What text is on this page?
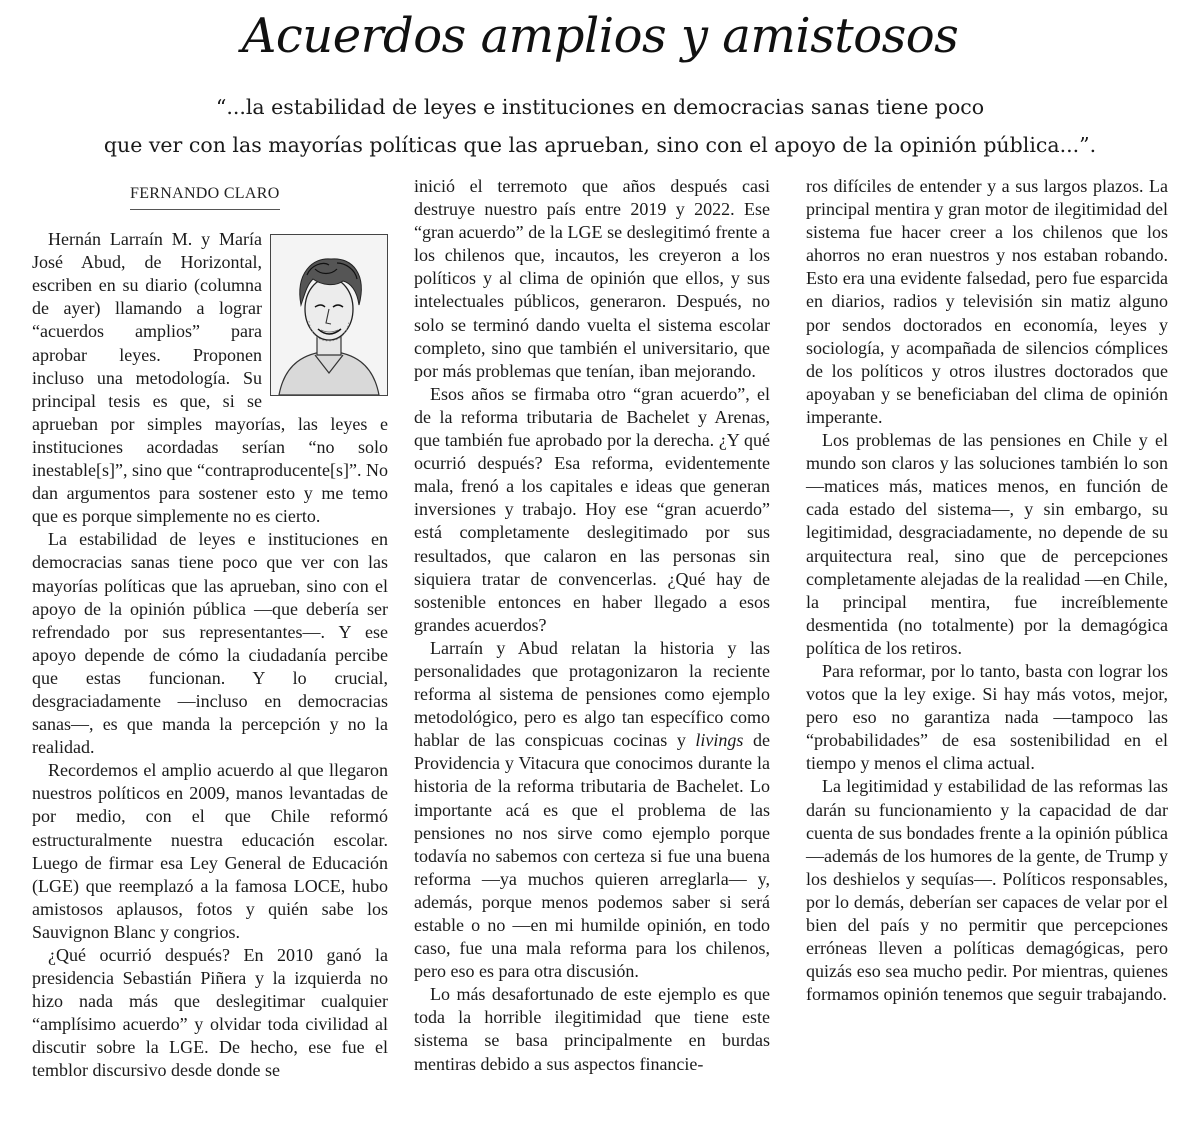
Acuerdos amplios y amistosos

“...la estabilidad de leyes e instituciones en democracias sanas tiene poco
que ver con las mayorías políticas que las aprueban, sino con el apoyo de la opinión pública...”.

FERNANDO CLARO

Hernán Larraín M. y María José Abud, de Horizontal, escriben en su diario (columna de ayer) llamando a lograr “acuerdos amplios” para aprobar leyes. Proponen incluso una metodología. Su principal tesis es que, si se aprueban por simples mayorías, las leyes e instituciones acordadas serían “no solo inestable[s]”, sino que “contraproducente[s]”. No dan argumentos para sostener esto y me temo que es porque simplemente no es cierto.

La estabilidad de leyes e instituciones en democracias sanas tiene poco que ver con las mayorías políticas que las aprueban, sino con el apoyo de la opinión pública —que debería ser refrendado por sus representantes—. Y ese apoyo depende de cómo la ciudadanía percibe que estas funcionan. Y lo crucial, desgraciadamente —incluso en democracias sanas—, es que manda la percepción y no la realidad.

Recordemos el amplio acuerdo al que llegaron nuestros políticos en 2009, manos levantadas de por medio, con el que Chile reformó estructuralmente nuestra educación escolar. Luego de firmar esa Ley General de Educación (LGE) que reemplazó a la famosa LOCE, hubo amistosos aplausos, fotos y quién sabe los Sauvignon Blanc y congrios.

¿Qué ocurrió después? En 2010 ganó la presidencia Sebastián Piñera y la izquierda no hizo nada más que deslegitimar cualquier “amplísimo acuerdo” y olvidar toda civilidad al discutir sobre la LGE. De hecho, ese fue el temblor discursivo desde donde se

inició el terremoto que años después casi destruye nuestro país entre 2019 y 2022. Ese “gran acuerdo” de la LGE se deslegitimó frente a los chilenos que, incautos, les creyeron a los políticos y al clima de opinión que ellos, y sus intelectuales públicos, generaron. Después, no solo se terminó dando vuelta el sistema escolar completo, sino que también el universitario, que por más problemas que tenían, iban mejorando.

Esos años se firmaba otro “gran acuerdo”, el de la reforma tributaria de Bachelet y Arenas, que también fue aprobado por la derecha. ¿Y qué ocurrió después? Esa reforma, evidentemente mala, frenó a los capitales e ideas que generan inversiones y trabajo. Hoy ese “gran acuerdo” está completamente deslegitimado por sus resultados, que calaron en las personas sin siquiera tratar de convencerlas. ¿Qué hay de sostenible entonces en haber llegado a esos grandes acuerdos?

Larraín y Abud relatan la historia y las personalidades que protagonizaron la reciente reforma al sistema de pensiones como ejemplo metodológico, pero es algo tan específico como hablar de las conspicuas cocinas y livings de Providencia y Vitacura que conocimos durante la historia de la reforma tributaria de Bachelet. Lo importante acá es que el problema de las pensiones no nos sirve como ejemplo porque todavía no sabemos con certeza si fue una buena reforma —ya muchos quieren arreglarla— y, además, porque menos podemos saber si será estable o no —en mi humilde opinión, en todo caso, fue una mala reforma para los chilenos, pero eso es para otra discusión.

Lo más desafortunado de este ejemplo es que toda la horrible ilegitimidad que tiene este sistema se basa principalmente en burdas mentiras debido a sus aspectos financie-

ros difíciles de entender y a sus largos plazos. La principal mentira y gran motor de ilegitimidad del sistema fue hacer creer a los chilenos que los ahorros no eran nuestros y nos estaban robando. Esto era una evidente falsedad, pero fue esparcida en diarios, radios y televisión sin matiz alguno por sendos doctorados en economía, leyes y sociología, y acompañada de silencios cómplices de los políticos y otros ilustres doctorados que apoyaban y se beneficiaban del clima de opinión imperante.

Los problemas de las pensiones en Chile y el mundo son claros y las soluciones también lo son —matices más, matices menos, en función de cada estado del sistema—, y sin embargo, su legitimidad, desgraciadamente, no depende de su arquitectura real, sino que de percepciones completamente alejadas de la realidad —en Chile, la principal mentira, fue increíblemente desmentida (no totalmente) por la demagógica política de los retiros.

Para reformar, por lo tanto, basta con lograr los votos que la ley exige. Si hay más votos, mejor, pero eso no garantiza nada —tampoco las “probabilidades” de esa sostenibilidad en el tiempo y menos el clima actual.

La legitimidad y estabilidad de las reformas las darán su funcionamiento y la capacidad de dar cuenta de sus bondades frente a la opinión pública —además de los humores de la gente, de Trump y los deshielos y sequías—. Políticos responsables, por lo demás, deberían ser capaces de velar por el bien del país y no permitir que percepciones erróneas lleven a políticas demagógicas, pero quizás eso sea mucho pedir. Por mientras, quienes formamos opinión tenemos que seguir trabajando.
